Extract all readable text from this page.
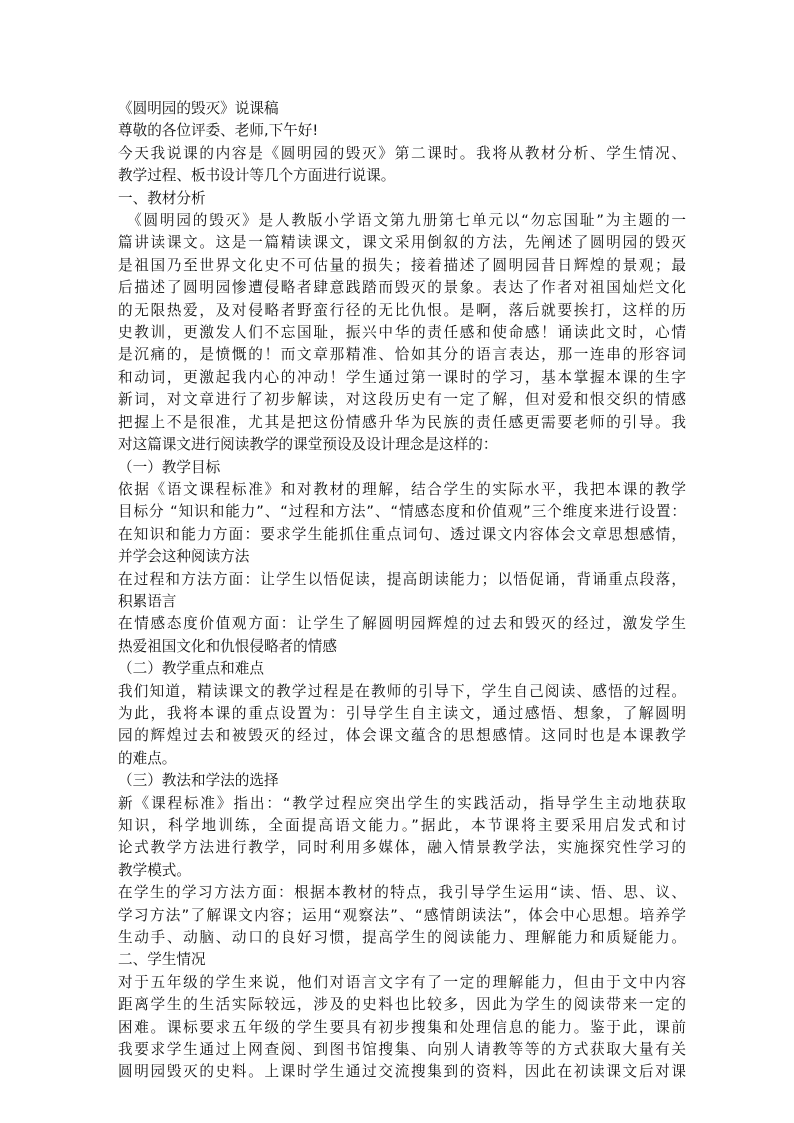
《圆明园的毁灭》说课稿
尊敬的各位评委、老师,下午好!
今天我说课的内容是《圆明园的毁灭》第二课时。我将从教材分析、学生情况、
教学过程、板书设计等几个方面进行说课。
一、教材分析
　《圆明园的毁灭》是人教版小学语文第九册第七单元以“勿忘国耻”为主题的一
篇讲读课文。这是一篇精读课文，课文采用倒叙的方法，先阐述了圆明园的毁灭
是祖国乃至世界文化史不可估量的损失；接着描述了圆明园昔日辉煌的景观；最
后描述了圆明园惨遭侵略者肆意践踏而毁灭的景象。表达了作者对祖国灿烂文化
的无限热爱，及对侵略者野蛮行径的无比仇恨。是啊，落后就要挨打，这样的历
史教训，更激发人们不忘国耻，振兴中华的责任感和使命感！诵读此文时，心情
是沉痛的，是愤慨的！而文章那精准、恰如其分的语言表达，那一连串的形容词
和动词，更激起我内心的冲动！学生通过第一课时的学习，基本掌握本课的生字
新词，对文章进行了初步解读，对这段历史有一定了解，但对爱和恨交织的情感
把握上不是很准，尤其是把这份情感升华为民族的责任感更需要老师的引导。我
对这篇课文进行阅读教学的课堂预设及设计理念是这样的：
（一）教学目标
依据《语文课程标准》和对教材的理解，结合学生的实际水平，我把本课的教学
目标分 “知识和能力”、“过程和方法”、“情感态度和价值观”三个维度来进行设置：
在知识和能力方面：要求学生能抓住重点词句、透过课文内容体会文章思想感情，
并学会这种阅读方法
在过程和方法方面：让学生以悟促读，提高朗读能力；以悟促诵，背诵重点段落，
积累语言
在情感态度价值观方面：让学生了解圆明园辉煌的过去和毁灭的经过，激发学生
热爱祖国文化和仇恨侵略者的情感
（二）教学重点和难点
我们知道，精读课文的教学过程是在教师的引导下，学生自己阅读、感悟的过程。
为此，我将本课的重点设置为：引导学生自主读文，通过感悟、想象，了解圆明
园的辉煌过去和被毁灭的经过，体会课文蕴含的思想感情。这同时也是本课教学
的难点。
（三）教法和学法的选择
新《课程标准》指出：“教学过程应突出学生的实践活动，指导学生主动地获取
知识，科学地训练，全面提高语文能力。”据此，本节课将主要采用启发式和讨
论式教学方法进行教学，同时利用多媒体，融入情景教学法，实施探究性学习的
教学模式。
在学生的学习方法方面：根据本教材的特点，我引导学生运用“读、悟、思、议、
学习方法”了解课文内容；运用“观察法”、“感情朗读法”，体会中心思想。培养学
生动手、动脑、动口的良好习惯，提高学生的阅读能力、理解能力和质疑能力。
二、学生情况
对于五年级的学生来说，他们对语言文字有了一定的理解能力，但由于文中内容
距离学生的生活实际较远，涉及的史料也比较多，因此为学生的阅读带来一定的
困难。课标要求五年级的学生要具有初步搜集和处理信息的能力。鉴于此，课前
我要求学生通过上网查阅、到图书馆搜集、向别人请教等等的方式获取大量有关
圆明园毁灭的史料。上课时学生通过交流搜集到的资料，因此在初读课文后对课
